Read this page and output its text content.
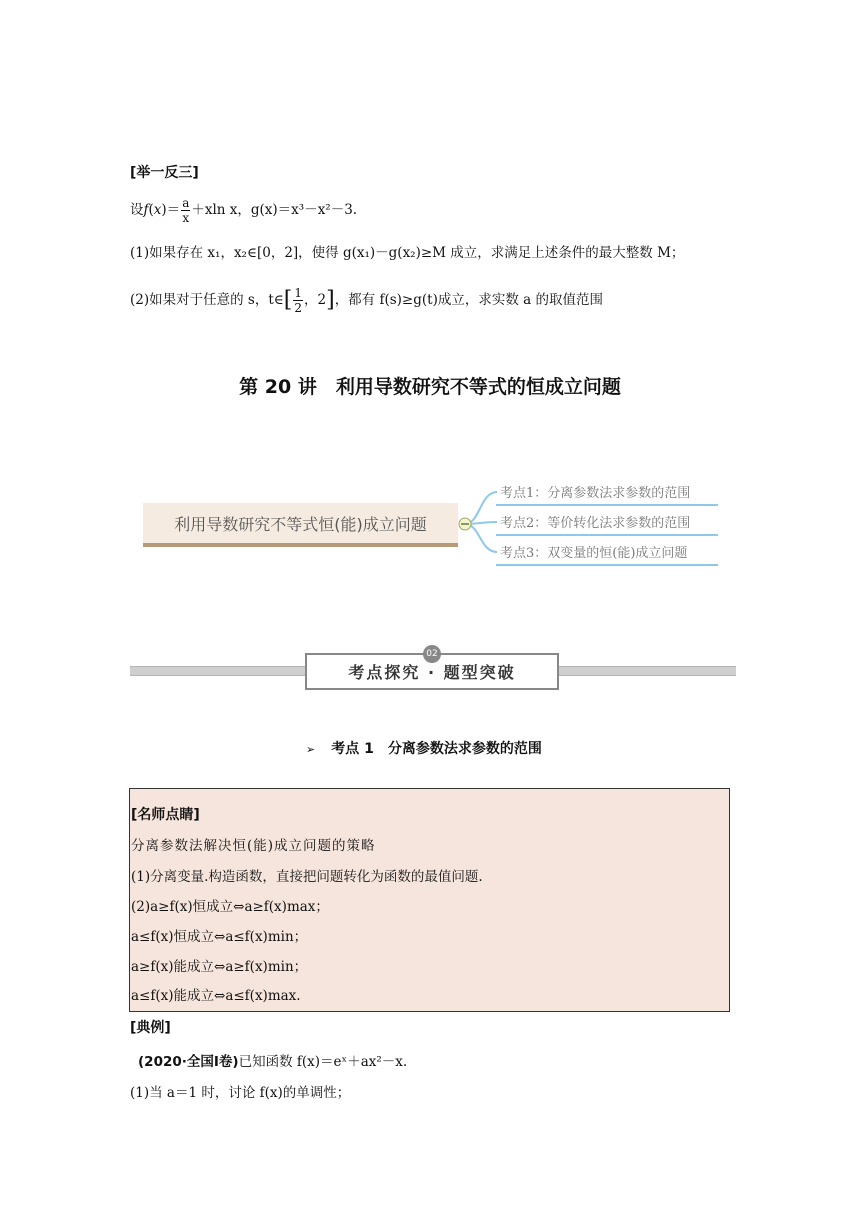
[举一反三]
设$f(x)= \frac{a}{x} +xln$ x，g(x)＝x³－x²－3.
(1)如果存在 x₁，x₂∈[0，2]，使得 g(x₁)－g(x₂)≥M 成立，求满足上述条件的最大整数 M；
(2)如果对于任意的 s，t∈[ $\frac{1}{2}$ ，2]，都有 f(s)≥g(t)成立，求实数 a 的取值范围
第 20 讲　利用导数研究不等式的恒成立问题
利用导数研究不等式恒(能)成立问题
考点1：分离参数法求参数的范围
考点2：等价转化法求参数的范围
考点3：双变量的恒(能)成立问题
考点探究 · 题型突破
02
➢ 考点 1　分离参数法求参数的范围
[名师点睛]
分离参数法解决恒(能)成立问题的策略
(1)分离变量.构造函数，直接把问题转化为函数的最值问题.
(2)a≥f(x)恒成立⇔a≥f(x)max；
a≤f(x)恒成立⇔a≤f(x)min；
a≥f(x)能成立⇔a≥f(x)min；
a≤f(x)能成立⇔a≤f(x)max.
[典例]
(2020·全国Ⅰ卷)已知函数 f(x)＝eˣ＋ax²－x.
(1)当 a＝1 时，讨论 f(x)的单调性；
